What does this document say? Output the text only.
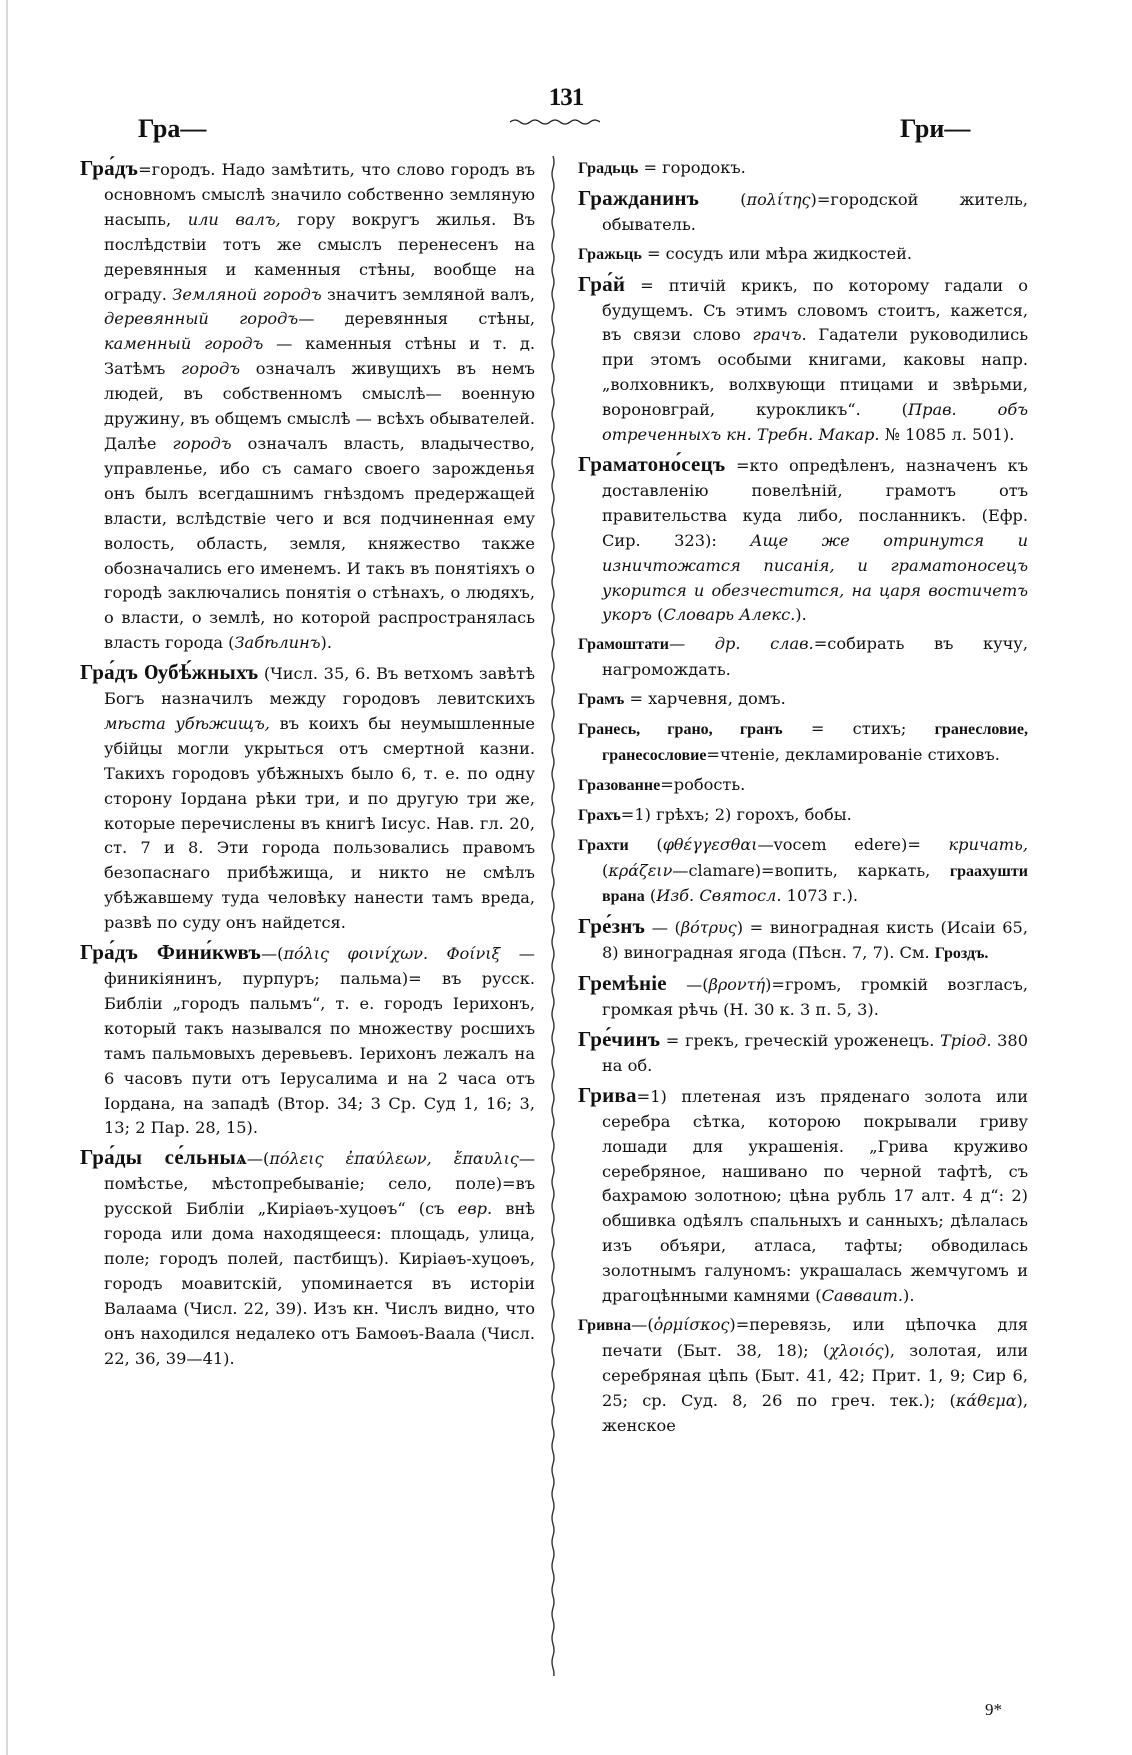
131
Гра—	Гри—

Гра́дъ=городъ. Надо замѣтить, что слово городъ въ основномъ смыслѣ значило собственно землянyю насыпь, или валъ, гору вокругъ жилья. Въ послѣдствіи тотъ же смыслъ перенесенъ на деревянныя и каменныя стѣны, вообще на ограду. Земляной городъ значитъ земляной валъ, деревянный городъ— деревянныя стѣны, каменный городъ — каменныя стѣны и т. д. Затѣмъ городъ означалъ живущихъ въ немъ людей, въ собственномъ смыслѣ— военную дружину, въ общемъ смыслѣ — всѣхъ обывателей. Далѣе городъ означалъ власть, владычество, управленье, ибо съ самаго своего зарожденья онъ былъ всегдашнимъ гнѣздомъ предержащей власти, вслѣдствіе чего и вся подчиненная ему волость, область, земля, княжество также обозначались его именемъ. И такъ въ понятіяхъ о городѣ заключались понятія о стѣнахъ, о людяхъ, о власти, о землѣ, но которой распространялась власть города (Забѣлинъ).

Гра́дъ Ѹбѣ́жныхъ (Числ. 35, 6. Въ ветхомъ завѣтѣ Богъ назначилъ между городовъ левитскихъ мѣста убѣжищъ, въ коихъ бы неумышленные убійцы могли укрыться отъ смертной казни. Такихъ городовъ убѣжныхъ было 6, т. е. по одну сторону Іордана рѣки три, и по другую три же, которые перечислены въ книгѣ Іисус. Нав. гл. 20, ст. 7 и 8. Эти города пользовались правомъ безопаснаго прибѣжища, и никто не смѣлъ убѣжавшему туда человѣку нанести тамъ вреда, развѣ по суду онъ найдется.

Гра́дъ Фини́кѡвъ—(πόλις φοινίχων. Φοίνιξ — финикіянинъ, пурпуръ; пальма)= въ русск. Библіи „городъ пальмъ“, т. е. городъ Іерихонъ, который такъ назывался по множеству росшихъ тамъ пальмовыхъ деревьевъ. Іерихонъ лежалъ на 6 часовъ пути отъ Іерусалима и на 2 часа отъ Іордана, на западѣ (Втор. 34; 3 Ср. Суд 1, 16; 3, 13; 2 Пар. 28, 15).

Гра́ды се́льныѧ—(πόλεις ἐπαύλεων, ἔπαυλις—помѣстье, мѣстопребываніе; село, поле)=въ русской Библіи „Киріаѳъ-хуцоѳъ“ (съ евр. внѣ города или дома находящееся: площадь, улица, поле; городъ полей, пастбищъ). Киріаѳъ-хуцоѳъ, городъ моавитскій, упоминается въ исторіи Валаама (Числ. 22, 39). Изъ кн. Числъ видно, что онъ находился недалеко отъ Бамоѳъ-Ваала (Числ. 22, 36, 39—41).

Градьць = городокъ.

Гражданинъ (πολίτης)=городской житель, обыватель.

Гражьць = сосудъ или мѣра жидкостей.

Гра́й = птичій крикъ, по которому гадали о будущемъ. Съ этимъ словомъ стоитъ, кажется, въ связи слово грачъ. Гадатели руководились при этомъ особыми книгами, каковы напр. „волховникъ, волхвующи птицами и звѣрьми, вороновграй, курокликъ“. (Прав. объ отреченныхъ кн. Требн. Макар. № 1085 л. 501).

Граматоно́сецъ =кто опредѣленъ, назначенъ къ доставленію повелѣній, грамотъ отъ правительства куда либо, посланникъ. (Ефр. Сир. 323): Аще же отринутся и изничтожатся писанія, и граматоносецъ укорится и обезчестится, на царя востичетъ укоръ (Словарь Алекс.).

Грамоштати— др. слав.=собирать въ кучу, нагромождать.

Грамъ = харчевня, домъ.

Гранесь, грано, гранъ = стихъ; гранесловие, гранесословие=чтеніе, декламированіе стиховъ.

Гразованне=робость.

Грахъ=1) грѣхъ; 2) горохъ, бобы.

Грахти (φθέγγεσθαι—vocem edere)= кричать, (κράζειν—clamare)=вопить, каркать, граахушти врана (Изб. Святосл. 1073 г.).

Гре́знъ — (βότρυς) = виноградная кисть (Исаіи 65, 8) виноградная ягода (Пѣсн. 7, 7). См. Гроздъ.

Гремѣніе —(βροντή)=громъ, громкій возгласъ, громкая рѣчь (Н. 30 к. 3 п. 5, 3).

Гре́чинъ = грекъ, греческій уроженецъ. Тріод. 380 на об.

Грива=1) плетеная изъ пряденаго золота или серебра сѣтка, которою покрывали гриву лошади для украшенія. „Грива круживо серебряное, нашивано по черной тафтѣ, съ бахрамою золотною; цѣна рубль 17 алт. 4 д“: 2) обшивка одѣялъ спальныхъ и санныхъ; дѣлалась изъ объяри, атласа, тафты; обводилась золотнымъ галуномъ: украшалась жемчугомъ и драгоцѣнными камнями (Савваит.).

Гривна—(ὁρμίσκος)=перевязь, или цѣпочка для печати (Быт. 38, 18); (χλοιός), золотая, или серебряная цѣпь (Быт. 41, 42; Прит. 1, 9; Сир 6, 25; ср. Суд. 8, 26 по греч. тек.); (κάθεμα), женское

9*
